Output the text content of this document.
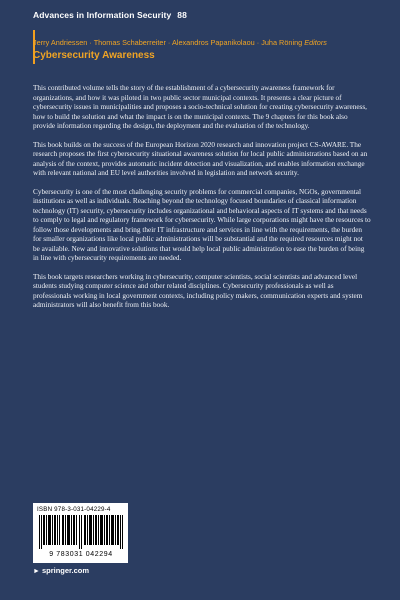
Advances in Information Security 88
Jerry Andriessen · Thomas Schaberreiter · Alexandros Papanikolaou · Juha Röning Editors
Cybersecurity Awareness

This contributed volume tells the story of the establishment of a cybersecurity awareness framework for organizations, and how it was piloted in two public sector municipal contexts. It presents a clear picture of cybersecurity issues in municipalities and proposes a socio-technical solution for creating cybersecurity awareness, how to build the solution and what the impact is on the municipal contexts. The 9 chapters for this book also provide information regarding the design, the deployment and the evaluation of the technology.

This book builds on the success of the European Horizon 2020 research and innovation project CS-AWARE. The research proposes the first cybersecurity situational awareness solution for local public administrations based on an analysis of the context, provides automatic incident detection and visualization, and enables information exchange with relevant national and EU level authorities involved in legislation and network security.

Cybersecurity is one of the most challenging security problems for commercial companies, NGOs, governmental institutions as well as individuals. Reaching beyond the technology focused boundaries of classical information technology (IT) security, cybersecurity includes organizational and behavioral aspects of IT systems and that needs to comply to legal and regulatory framework for cybersecurity. While large corporations might have the resources to follow those developments and bring their IT infrastructure and services in line with the requirements, the burden for smaller organizations like local public administrations will be substantial and the required resources might not be available. New and innovative solutions that would help local public administration to ease the burden of being in line with cybersecurity requirements are needed.

This book targets researchers working in cybersecurity, computer scientists, social scientists and advanced level students studying computer science and other related disciplines. Cybersecurity professionals as well as professionals working in local government contexts, including policy makers, communication experts and system administrators will also benefit from this book.

ISBN 978-3-031-04229-4
9 783031 042294
► springer.com
